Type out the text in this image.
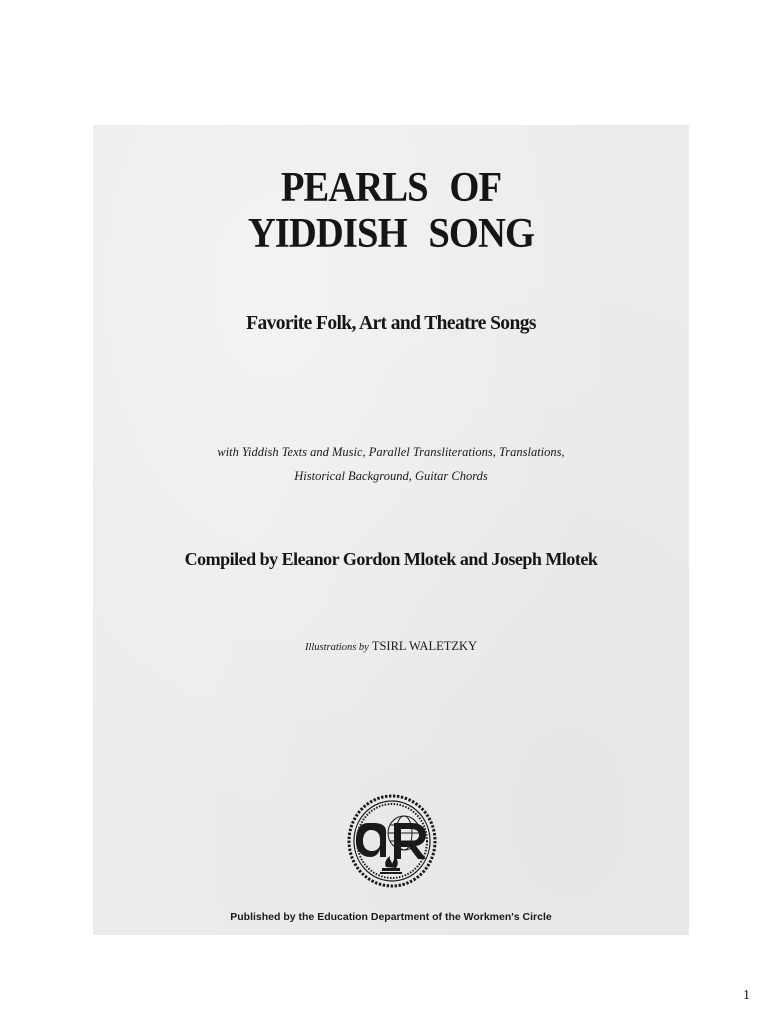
PEARLS OF
YIDDISH SONG
Favorite Folk, Art and Theatre Songs
with Yiddish Texts and Music, Parallel Transliterations, Translations,
Historical Background, Guitar Chords
Compiled by Eleanor Gordon Mlotek and Joseph Mlotek
Illustrations by TSIRL WALETZKY
Published by the Education Department of the Workmen's Circle
1
